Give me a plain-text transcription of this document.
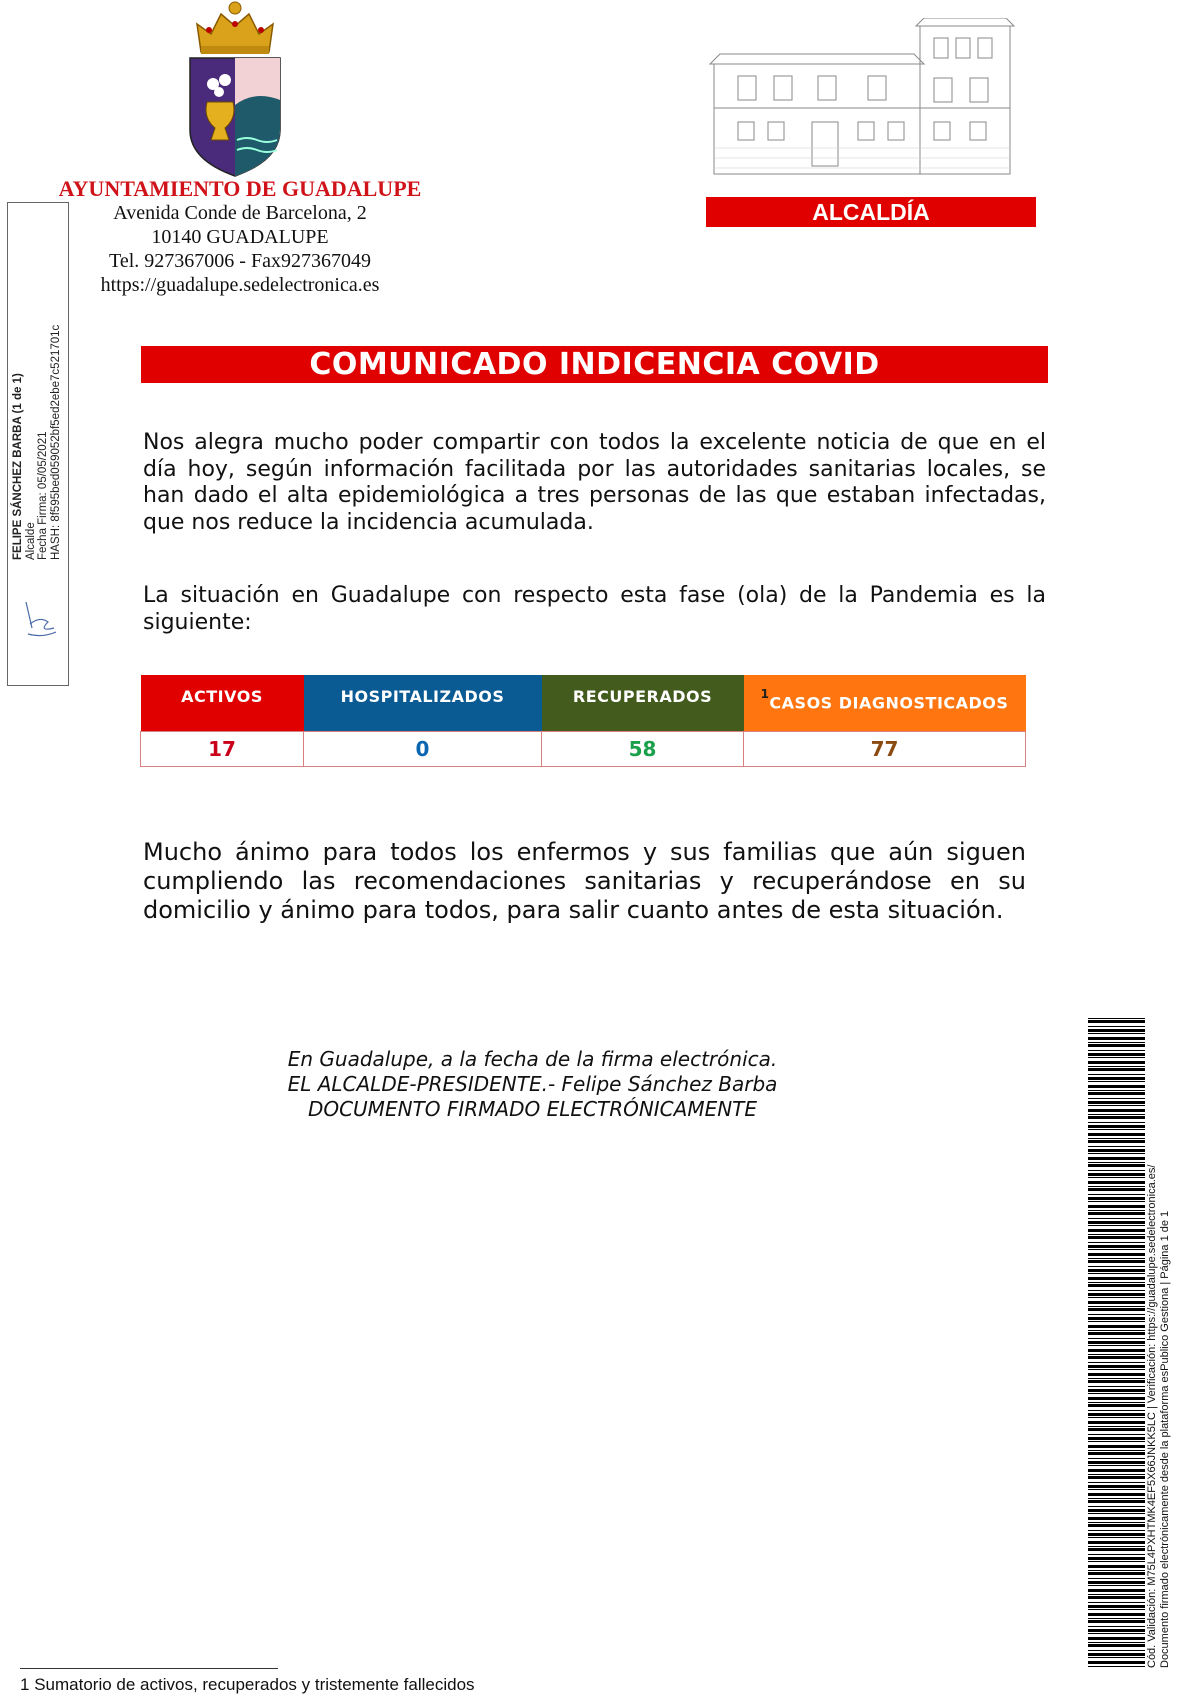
AYUNTAMIENTO DE GUADALUPE
Avenida Conde de Barcelona, 2
10140 GUADALUPE
Tel. 927367006 - Fax927367049
https://guadalupe.sedelectronica.es
ALCALDÍA
FELIPE SÁNCHEZ BARBA (1 de 1) Alcalde Fecha Firma: 05/05/2021 HASH: 8f595bed059052bf5ed2ebe7c521701c	COMUNICADO INDICENCIA COVID
Nos alegra mucho poder compartir con todos la excelente noticia de que en el día hoy, según información facilitada por las autoridades sanitarias locales, se han dado el alta epidemiológica a tres personas de las que estaban infectadas, que nos reduce la incidencia acumulada.
La situación en Guadalupe con respecto esta fase (ola) de la Pandemia es la siguiente:
ACTIVOS	HOSPITALIZADOS	RECUPERADOS	$^1$CASOS DIAGNOSTICADOS
17	0	58	77
Mucho ánimo para todos los enfermos y sus familias que aún siguen cumpliendo las recomendaciones sanitarias y recuperándose en su domicilio y ánimo para todos, para salir cuanto antes de esta situación.
En Guadalupe, a la fecha de la firma electrónica.
EL ALCALDE-PRESIDENTE.- Felipe Sánchez Barba
DOCUMENTO FIRMADO ELECTRÓNICAMENTE
1 Sumatorio de activos, recuperados y tristemente fallecidos
Cód. Validación: M75L4PXHTMK4EF5X66JNKK5LC | Verificación: https://guadalupe.sedelectronica.es/ Documento firmado electrónicamente desde la plataforma esPublico Gestiona | Página 1 de 1
